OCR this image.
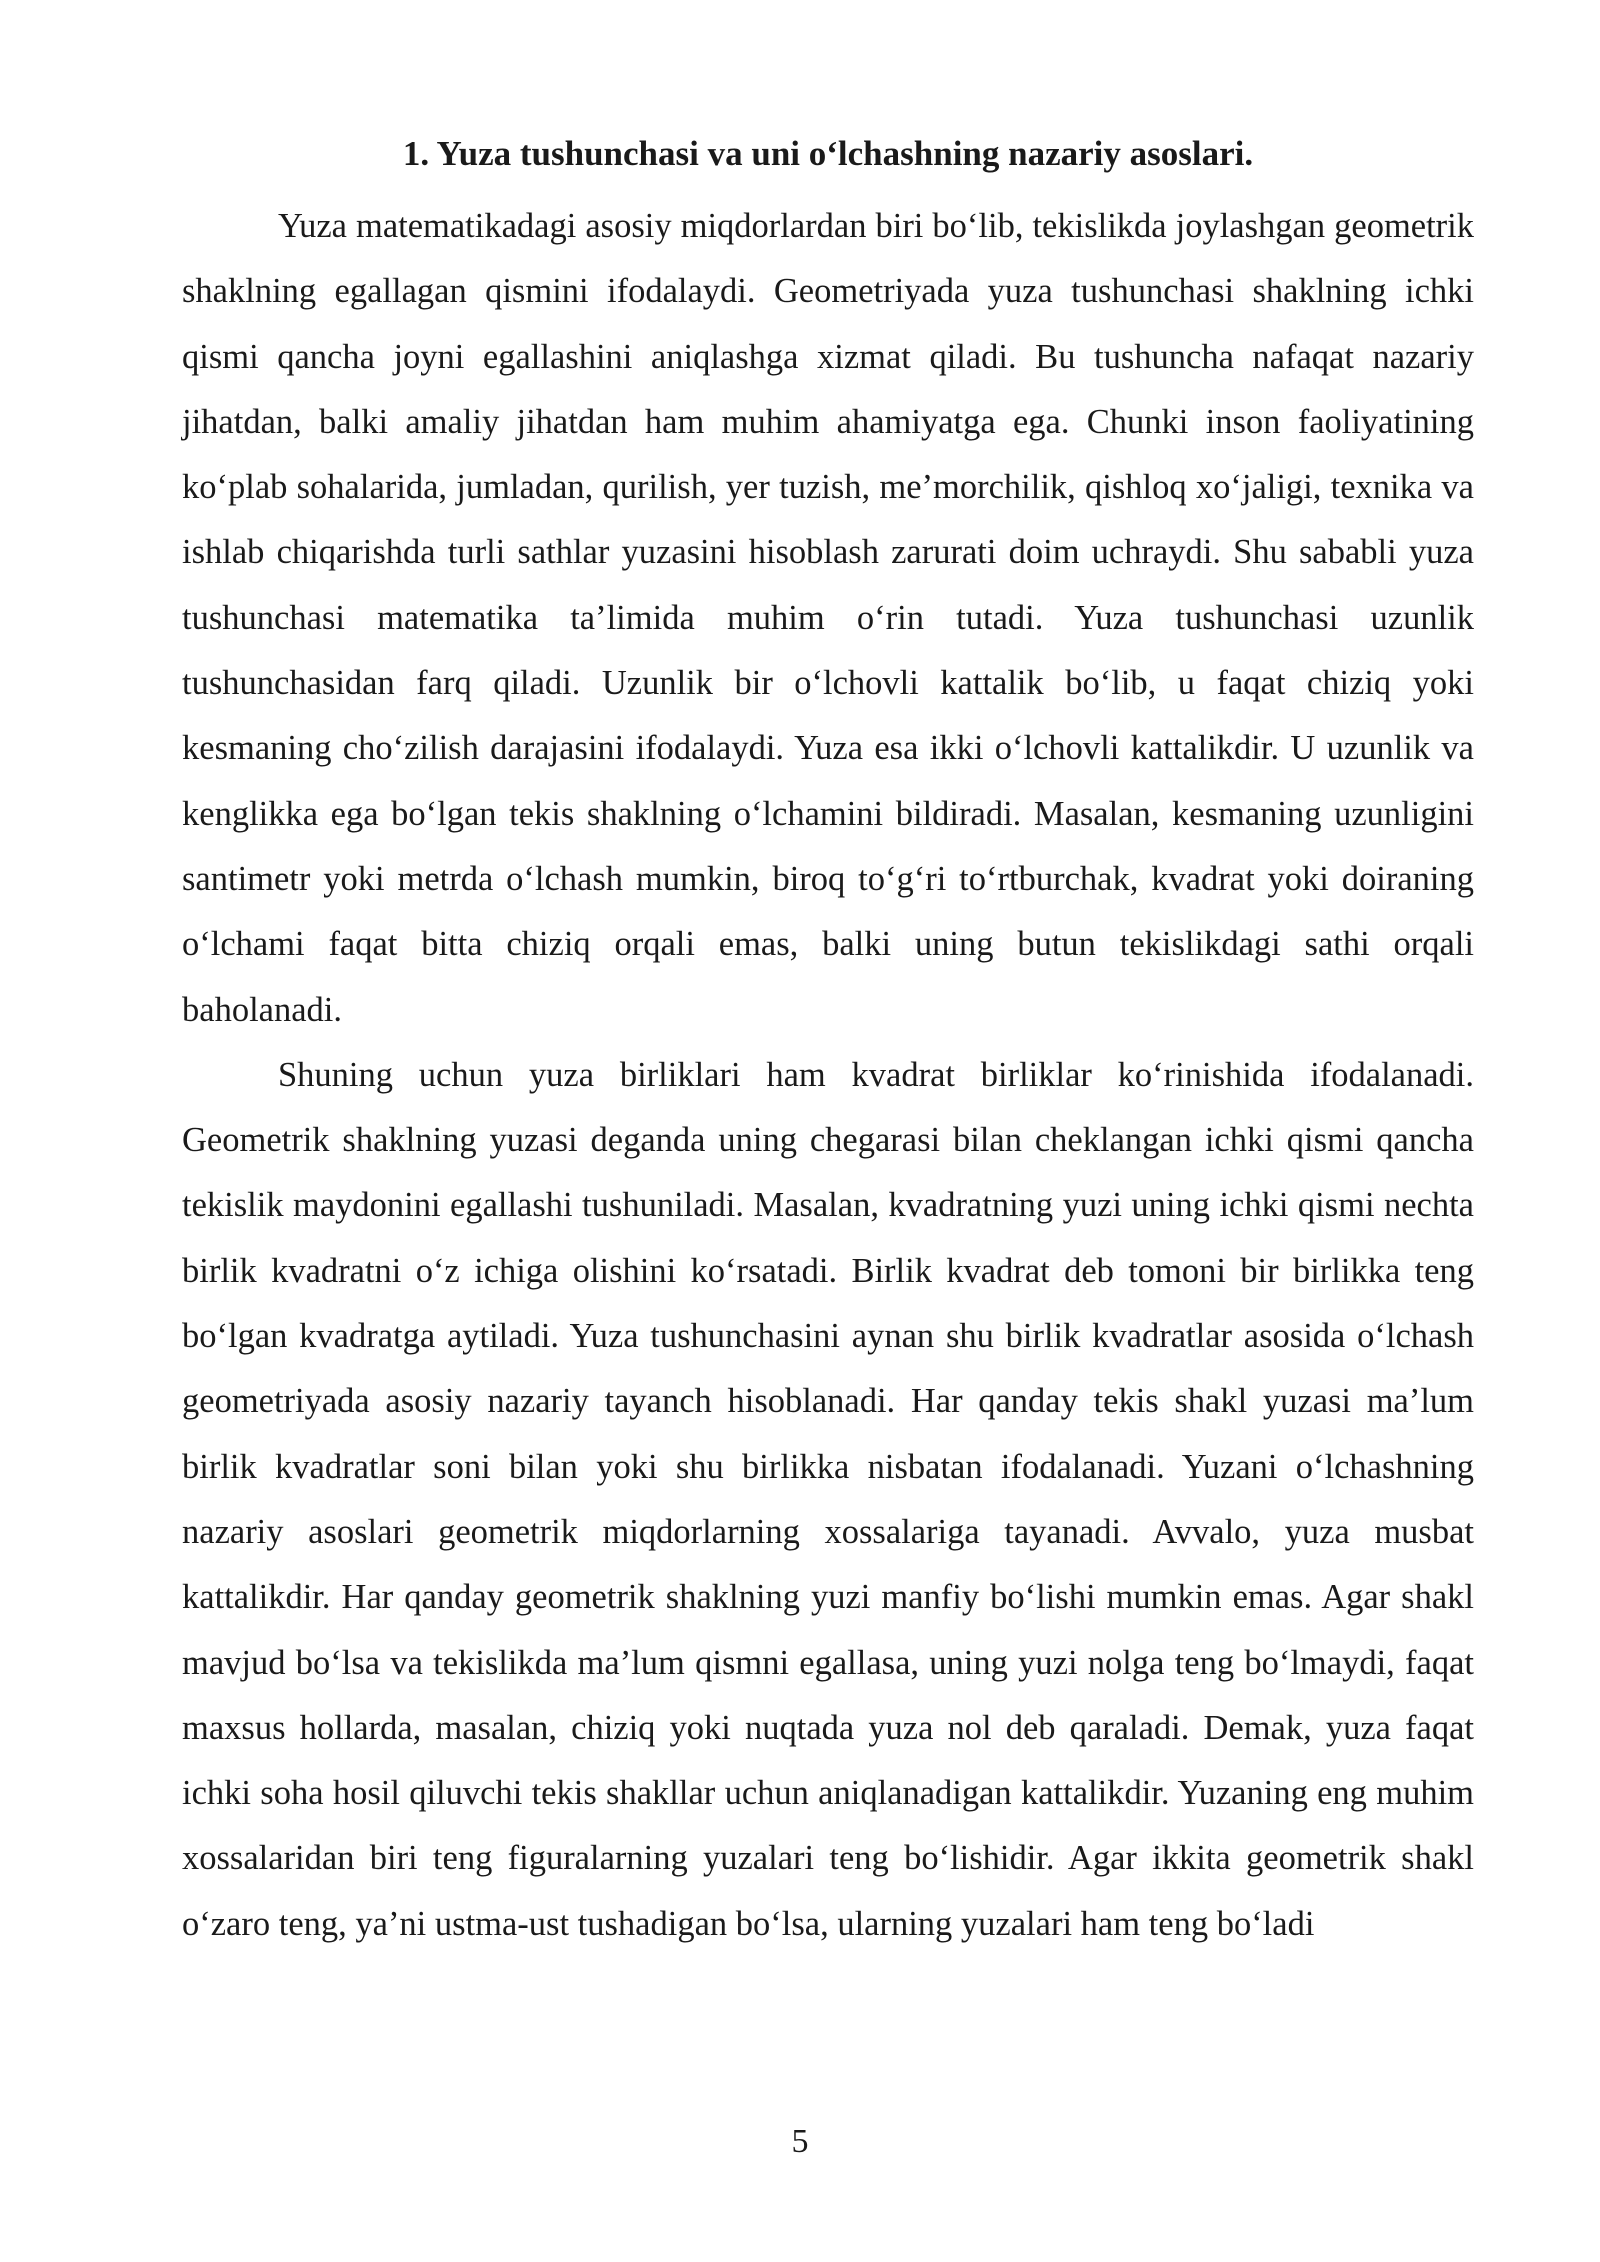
1. Yuza tushunchasi va uni o‘lchashning nazariy asoslari.

Yuza matematikadagi asosiy miqdorlardan biri bo‘lib, tekislikda joylashgan geometrik shaklning egallagan qismini ifodalaydi. Geometriyada yuza tushunchasi shaklning ichki qismi qancha joyni egallashini aniqlashga xizmat qiladi. Bu tushuncha nafaqat nazariy jihatdan, balki amaliy jihatdan ham muhim ahamiyatga ega. Chunki inson faoliyatining ko‘plab sohalarida, jumladan, qurilish, yer tuzish, me’morchilik, qishloq xo‘jaligi, texnika va ishlab chiqarishda turli sathlar yuzasini hisoblash zarurati doim uchraydi. Shu sababli yuza tushunchasi matematika ta’limida muhim o‘rin tutadi. Yuza tushunchasi uzunlik tushunchasidan farq qiladi. Uzunlik bir o‘lchovli kattalik bo‘lib, u faqat chiziq yoki kesmaning cho‘zilish darajasini ifodalaydi. Yuza esa ikki o‘lchovli kattalikdir. U uzunlik va kenglikka ega bo‘lgan tekis shaklning o‘lchamini bildiradi. Masalan, kesmaning uzunligini santimetr yoki metrda o‘lchash mumkin, biroq to‘g‘ri to‘rtburchak, kvadrat yoki doiraning o‘lchami faqat bitta chiziq orqali emas, balki uning butun tekislikdagi sathi orqali baholanadi.

Shuning uchun yuza birliklari ham kvadrat birliklar ko‘rinishida ifodalanadi. Geometrik shaklning yuzasi deganda uning chegarasi bilan cheklangan ichki qismi qancha tekislik maydonini egallashi tushuniladi. Masalan, kvadratning yuzi uning ichki qismi nechta birlik kvadratni o‘z ichiga olishini ko‘rsatadi. Birlik kvadrat deb tomoni bir birlikka teng bo‘lgan kvadratga aytiladi. Yuza tushunchasini aynan shu birlik kvadratlar asosida o‘lchash geometriyada asosiy nazariy tayanch hisoblanadi. Har qanday tekis shakl yuzasi ma’lum birlik kvadratlar soni bilan yoki shu birlikka nisbatan ifodalanadi. Yuzani o‘lchashning nazariy asoslari geometrik miqdorlarning xossalariga tayanadi. Avvalo, yuza musbat kattalikdir. Har qanday geometrik shaklning yuzi manfiy bo‘lishi mumkin emas. Agar shakl mavjud bo‘lsa va tekislikda ma’lum qismni egallasa, uning yuzi nolga teng bo‘lmaydi, faqat maxsus hollarda, masalan, chiziq yoki nuqtada yuza nol deb qaraladi. Demak, yuza faqat ichki soha hosil qiluvchi tekis shakllar uchun aniqlanadigan kattalikdir. Yuzaning eng muhim xossalaridan biri teng figuralarning yuzalari teng bo‘lishidir. Agar ikkita geometrik shakl o‘zaro teng, ya’ni ustma-ust tushadigan bo‘lsa, ularning yuzalari ham teng bo‘ladi

5
